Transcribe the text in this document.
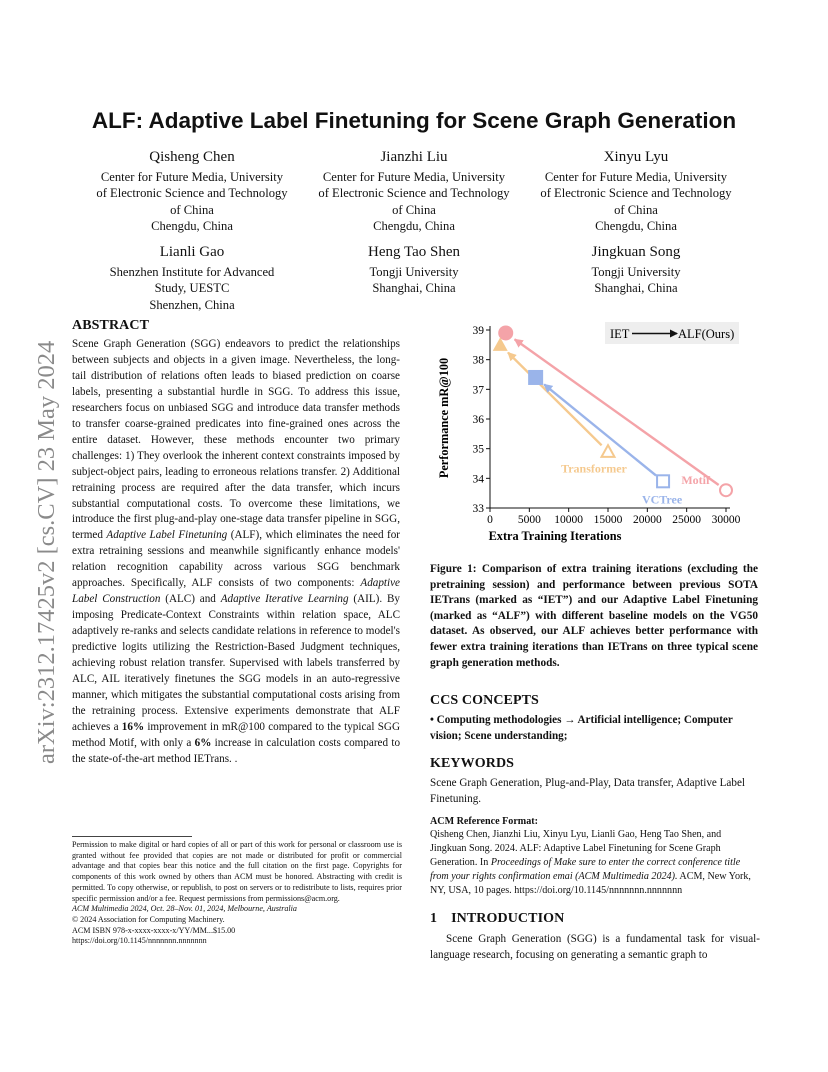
arXiv:2312.17425v2 [cs.CV] 23 May 2024
ALF: Adaptive Label Finetuning for Scene Graph Generation
Qisheng Chen
Center for Future Media, University
of Electronic Science and Technology
of China
Chengdu, China
Jianzhi Liu
Center for Future Media, University
of Electronic Science and Technology
of China
Chengdu, China
Xinyu Lyu
Center for Future Media, University
of Electronic Science and Technology
of China
Chengdu, China
Lianli Gao
Shenzhen Institute for Advanced
Study, UESTC
Shenzhen, China
Heng Tao Shen
Tongji University
Shanghai, China
Jingkuan Song
Tongji University
Shanghai, China
ABSTRACT
Scene Graph Generation (SGG) endeavors to predict the relationships between subjects and objects in a given image. Nevertheless, the long-tail distribution of relations often leads to biased prediction on coarse labels, presenting a substantial hurdle in SGG. To address this issue, researchers focus on unbiased SGG and introduce data transfer methods to transfer coarse-grained predicates into fine-grained ones across the entire dataset. However, these methods encounter two primary challenges: 1) They overlook the inherent context constraints imposed by subject-object pairs, leading to erroneous relations transfer. 2) Additional retraining process are required after the data transfer, which incurs substantial computational costs. To overcome these limitations, we introduce the first plug-and-play one-stage data transfer pipeline in SGG, termed Adaptive Label Finetuning (ALF), which eliminates the need for extra retraining sessions and meanwhile significantly enhance models' relation recognition capability across various SGG benchmark approaches. Specifically, ALF consists of two components: Adaptive Label Construction (ALC) and Adaptive Iterative Learning (AIL). By imposing Predicate-Context Constraints within relation space, ALC adaptively re-ranks and selects candidate relations in reference to model's predictive logits utilizing the Restriction-Based Judgment techniques, achieving robust relation transfer. Supervised with labels transferred by ALC, AIL iteratively finetunes the SGG models in an auto-regressive manner, which mitigates the substantial computational costs arising from the retraining process. Extensive experiments demonstrate that ALF achieves a 16% improvement in mR@100 compared to the typical SGG method Motif, with only a 6% increase in calculation costs compared to the state-of-the-art method IETrans. .

Permission to make digital or hard copies of all or part of this work for personal or classroom use is granted without fee provided that copies are not made or distributed for profit or commercial advantage and that copies bear this notice and the full citation on the first page. Copyrights for components of this work owned by others than ACM must be honored. Abstracting with credit is permitted. To copy otherwise, or republish, to post on servers or to redistribute to lists, requires prior specific permission and/or a fee. Request permissions from permissions@acm.org.

ACM Multimedia 2024, Oct. 28–Nov. 01, 2024, Melbourne, Australia

© 2024 Association for Computing Machinery.

ACM ISBN 978-x-xxxx-xxxx-x/YY/MM...$15.00

https://doi.org/10.1145/nnnnnnn.nnnnnnn

0 5000 10000 15000 20000 25000 30000
33
34
35
36
37
38
39
Motif
Transformer
VCTree
IET	ALF(Ours)
Extra Training Iterations
Performance mR@100
Figure 1: Comparison of extra training iterations (excluding the pretraining session) and performance between previous SOTA IETrans (marked as “IET”) and our Adaptive Label Finetuning (marked as “ALF”) with different baseline models on the VG50 dataset. As observed, our ALF achieves better performance with fewer extra training iterations than IETrans on three typical scene graph generation methods.
CCS CONCEPTS
• Computing methodologies → Artificial intelligence; Computer vision; Scene understanding;
KEYWORDS
Scene Graph Generation, Plug-and-Play, Data transfer, Adaptive Label Finetuning.
ACM Reference Format:
Qisheng Chen, Jianzhi Liu, Xinyu Lyu, Lianli Gao, Heng Tao Shen, and Jingkuan Song. 2024. ALF: Adaptive Label Finetuning for Scene Graph Generation. In Proceedings of Make sure to enter the correct conference title from your rights confirmation emai (ACM Multimedia 2024). ACM, New York, NY, USA, 10 pages. https://doi.org/10.1145/nnnnnnn.nnnnnnn
1 INTRODUCTION
Scene Graph Generation (SGG) is a fundamental task for visual-language research, focusing on generating a semantic graph to
